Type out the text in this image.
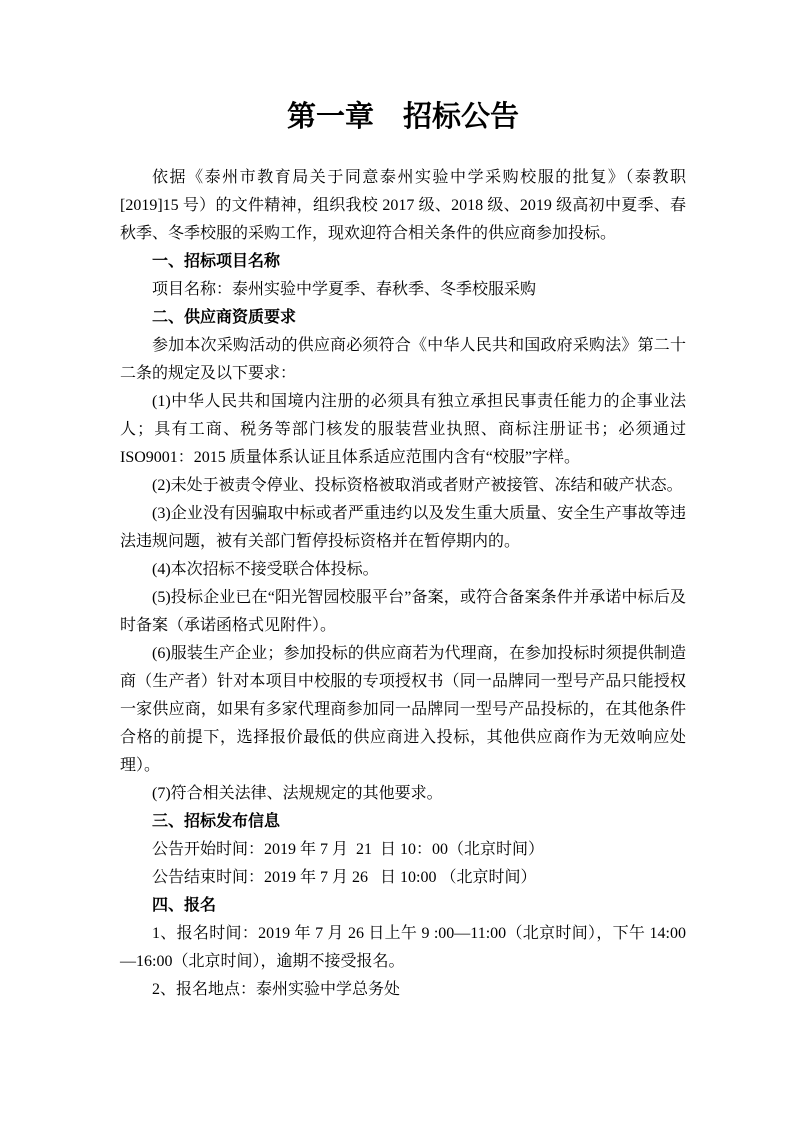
第一章　招标公告

依据《泰州市教育局关于同意泰州实验中学采购校服的批复》（泰教职[2019]15 号）的文件精神，组织我校 2017 级、2018 级、2019 级高初中夏季、春秋季、冬季校服的采购工作，现欢迎符合相关条件的供应商参加投标。

一、招标项目名称

项目名称：泰州实验中学夏季、春秋季、冬季校服采购

二、供应商资质要求

参加本次采购活动的供应商必须符合《中华人民共和国政府采购法》第二十二条的规定及以下要求：

(1)中华人民共和国境内注册的必须具有独立承担民事责任能力的企事业法人；具有工商、税务等部门核发的服装营业执照、商标注册证书；必须通过 ISO9001：2015 质量体系认证且体系适应范围内含有“校服”字样。

(2)未处于被责令停业、投标资格被取消或者财产被接管、冻结和破产状态。

(3)企业没有因骗取中标或者严重违约以及发生重大质量、安全生产事故等违法违规问题，被有关部门暂停投标资格并在暂停期内的。

(4)本次招标不接受联合体投标。

(5)投标企业已在“阳光智园校服平台”备案，或符合备案条件并承诺中标后及时备案（承诺函格式见附件）。

(6)服装生产企业；参加投标的供应商若为代理商，在参加投标时须提供制造商（生产者）针对本项目中校服的专项授权书（同一品牌同一型号产品只能授权一家供应商，如果有多家代理商参加同一品牌同一型号产品投标的，在其他条件合格的前提下，选择报价最低的供应商进入投标，其他供应商作为无效响应处理）。

(7)符合相关法律、法规规定的其他要求。

三、招标发布信息

公告开始时间：2019 年 7 月  21  日 10：00（北京时间）

公告结束时间：2019 年 7 月 26   日 10:00 （北京时间）

四、报名

1、报名时间：2019 年 7 月 26 日上午 9 :00—11:00（北京时间），下午 14:00—16:00（北京时间），逾期不接受报名。

2、报名地点：泰州实验中学总务处
